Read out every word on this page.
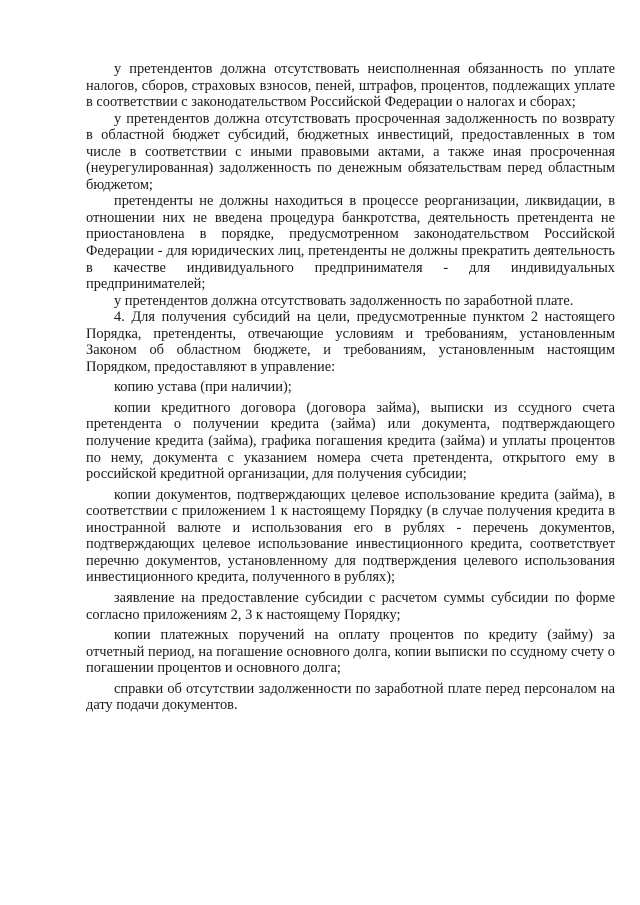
у претендентов должна отсутствовать неисполненная обязанность по уплате налогов, сборов, страховых взносов, пеней, штрафов, процентов, подлежащих уплате в соответствии с законодательством Российской Федерации о налогах и сборах;

у претендентов должна отсутствовать просроченная задолженность по возврату в областной бюджет субсидий, бюджетных инвестиций, предоставленных в том числе в соответствии с иными правовыми актами, а также иная просроченная (неурегулированная) задолженность по денежным обязательствам перед областным бюджетом;

претенденты не должны находиться в процессе реорганизации, ликвидации, в отношении них не введена процедура банкротства, деятельность претендента не приостановлена в порядке, предусмотренном законодательством Российской Федерации - для юридических лиц, претенденты не должны прекратить деятельность в качестве индивидуального предпринимателя - для индивидуальных предпринимателей;

у претендентов должна отсутствовать задолженность по заработной плате.

4. Для получения субсидий на цели, предусмотренные пунктом 2 настоящего Порядка, претенденты, отвечающие условиям и требованиям, установленным Законом об областном бюджете, и требованиям, установленным настоящим Порядком, предоставляют в управление:

копию устава (при наличии);

копии кредитного договора (договора займа), выписки из ссудного счета претендента о получении кредита (займа) или документа, подтверждающего получение кредита (займа), графика погашения кредита (займа) и уплаты процентов по нему, документа с указанием номера счета претендента, открытого ему в российской кредитной организации, для получения субсидии;

копии документов, подтверждающих целевое использование кредита (займа), в соответствии с приложением 1 к настоящему Порядку (в случае получения кредита в иностранной валюте и использования его в рублях - перечень документов, подтверждающих целевое использование инвестиционного кредита, соответствует перечню документов, установленному для подтверждения целевого использования инвестиционного кредита, полученного в рублях);

заявление на предоставление субсидии с расчетом суммы субсидии по форме согласно приложениям 2, 3 к настоящему Порядку;

копии платежных поручений на оплату процентов по кредиту (займу) за отчетный период, на погашение основного долга, копии выписки по ссудному счету о погашении процентов и основного долга;

справки об отсутствии задолженности по заработной плате перед персоналом на дату подачи документов.
